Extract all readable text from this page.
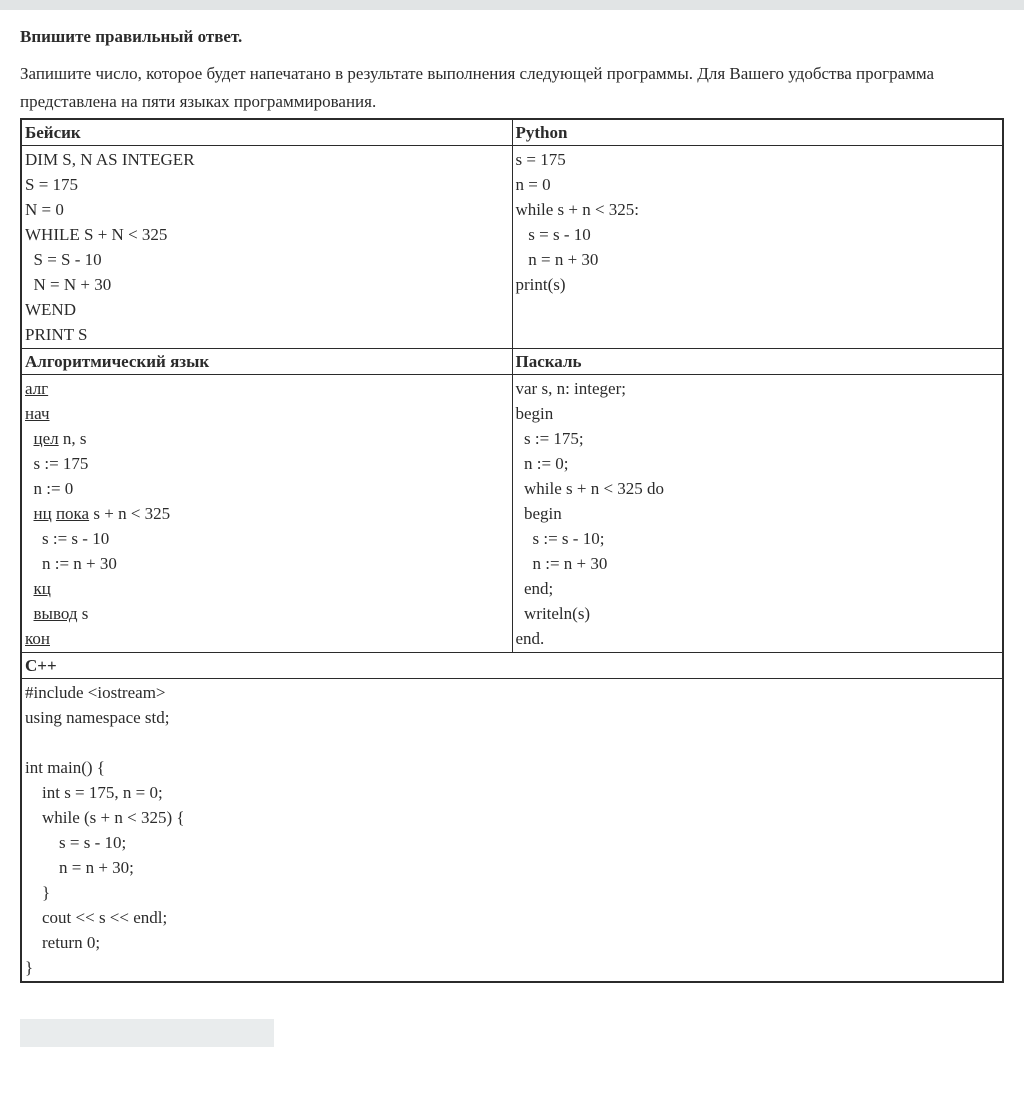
Впишите правильный ответ.

Запишите число, которое будет напечатано в результате выполнения следующей программы. Для Вашего удобства программа представлена на пяти языках программирования.

Бейсик	Python

DIM S, N AS INTEGER
S = 175
N = 0
WHILE S + N < 325
S = S - 10
N = N + 30
WEND
PRINT S

s = 175
n = 0
while s + n < 325:
s = s - 10
n = n + 30
print(s)

Алгоритмический язык	Паскаль

алг
нач
цел n, s
s := 175
n := 0
нц пока s + n < 325
s := s - 10
n := n + 30
кц
вывод s
кон

var s, n: integer;
begin
s := 175;
n := 0;
while s + n < 325 do
begin
s := s - 10;
n := n + 30
end;
writeln(s)
end.

C++	

#include <iostream>
using namespace std;
int main() {
int s = 175, n = 0;
while (s + n < 325) {
s = s - 10;
n = n + 30;
}
cout << s << endl;
return 0;
}
